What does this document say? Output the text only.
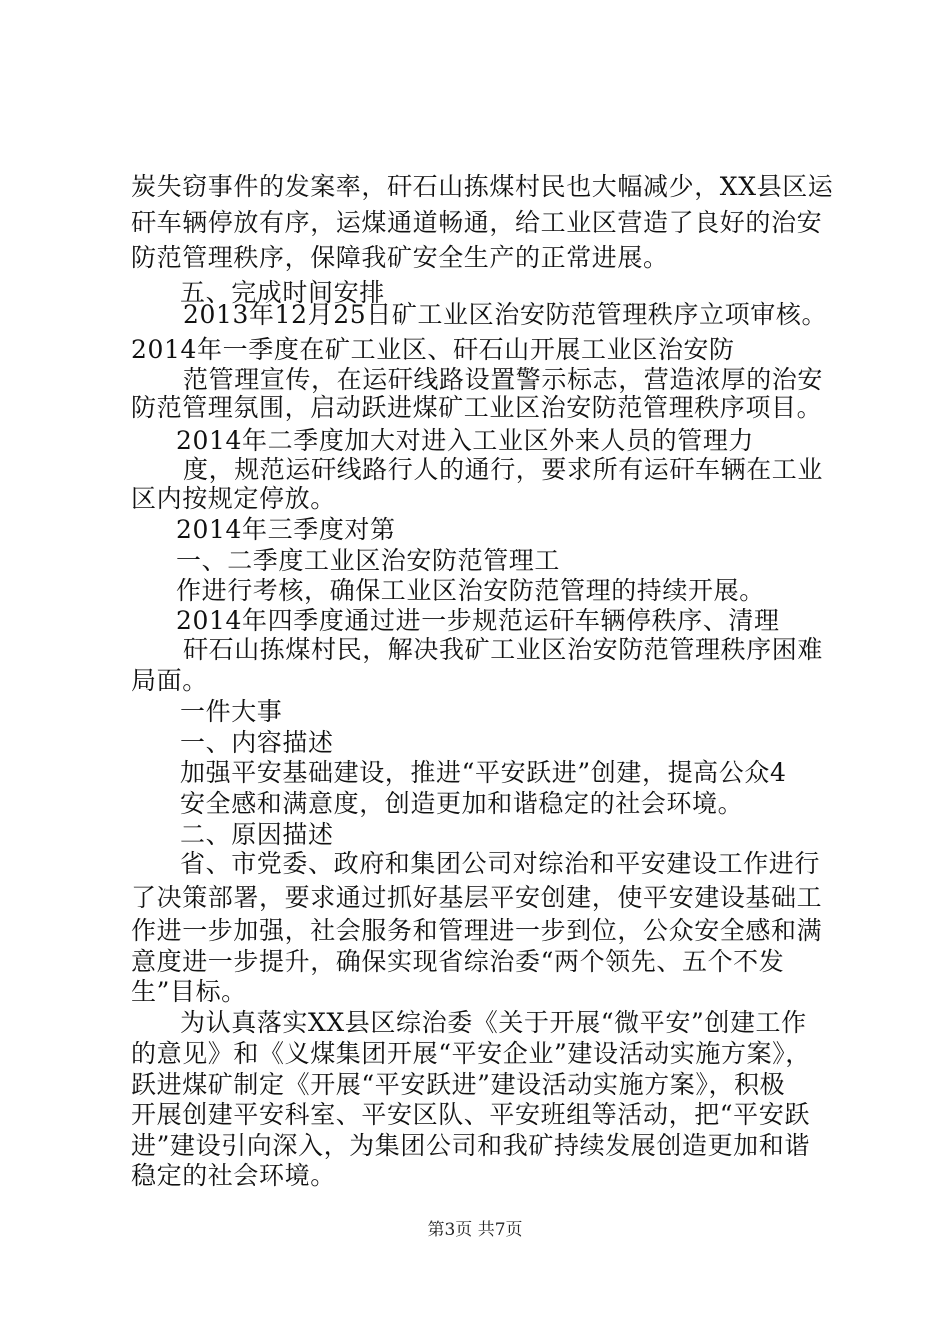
炭失窃事件的发案率，矸石山拣煤村民也大幅减少，XX县区运
矸车辆停放有序，运煤通道畅通，给工业区营造了良好的治安
防范管理秩序，保障我矿安全生产的正常进展。
五、完成时间安排
2013年12月25日矿工业区治安防范管理秩序立项审核。
2014年一季度在矿工业区、矸石山开展工业区治安防
范管理宣传，在运矸线路设置警示标志，营造浓厚的治安
防范管理氛围，启动跃进煤矿工业区治安防范管理秩序项目。
2014年二季度加大对进入工业区外来人员的管理力
度，规范运矸线路行人的通行，要求所有运矸车辆在工业
区内按规定停放。
2014年三季度对第
一、二季度工业区治安防范管理工
作进行考核，确保工业区治安防范管理的持续开展。
2014年四季度通过进一步规范运矸车辆停秩序、清理
矸石山拣煤村民，解决我矿工业区治安防范管理秩序困难
局面。
一件大事
一、内容描述
加强平安基础建设，推进“平安跃进”创建，提高公众4
安全感和满意度，创造更加和谐稳定的社会环境。
二、原因描述
省、市党委、政府和集团公司对综治和平安建设工作进行
了决策部署，要求通过抓好基层平安创建，使平安建设基础工
作进一步加强，社会服务和管理进一步到位，公众安全感和满
意度进一步提升，确保实现省综治委“两个领先、五个不发
生”目标。
为认真落实XX县区综治委《关于开展“微平安”创建工作
的意见》和《义煤集团开展“平安企业”建设活动实施方案》，
跃进煤矿制定《开展“平安跃进”建设活动实施方案》，积极
开展创建平安科室、平安区队、平安班组等活动，把“平安跃
进”建设引向深入，为集团公司和我矿持续发展创造更加和谐
稳定的社会环境。
第3页 共7页
